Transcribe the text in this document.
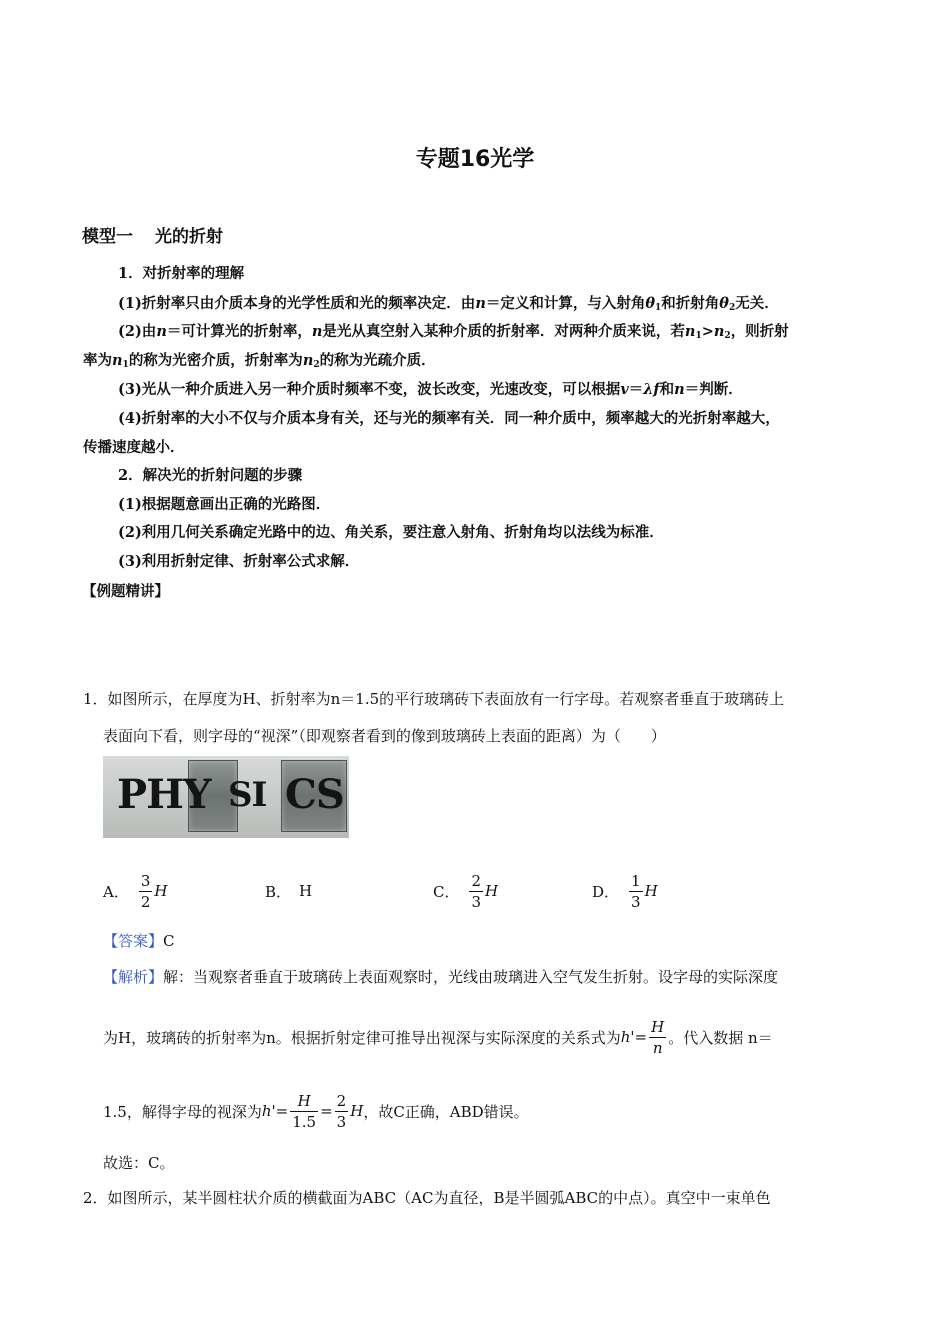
专题16光学
模型一 光的折射
1．对折射率的理解
(1)折射率只由介质本身的光学性质和光的频率决定．由n＝定义和计算，与入射角$\theta_1$和折射角$\theta_2$无关．
(2)由n＝可计算光的折射率，n是光从真空射入某种介质的折射率．对两种介质来说，若$n_1>n_2$，则折射
率为$n_1$的称为光密介质，折射率为$n_2$的称为光疏介质．
(3)光从一种介质进入另一种介质时频率不变，波长改变，光速改变，可以根据v＝λf和n＝判断．
(4)折射率的大小不仅与介质本身有关，还与光的频率有关．同一种介质中，频率越大的光折射率越大，
传播速度越小．
2．解决光的折射问题的步骤
(1)根据题意画出正确的光路图．
(2)利用几何关系确定光路中的边、角关系，要注意入射角、折射角均以法线为标准．
(3)利用折射定律、折射率公式求解．
【例题精讲】
1．如图所示，在厚度为H、折射率为n＝1.5的平行玻璃砖下表面放有一行字母。若观察者垂直于玻璃砖上
表面向下看，则字母的“视深”（即观察者看到的像到玻璃砖上表面的距离）为（　　）
PHY SI CS
A． $\frac{3}{2}$ H	B． H	C． $\frac{2}{3}$ H	D． $\frac{1}{3}$ H
【答案】C
【解析】解：当观察者垂直于玻璃砖上表面观察时，光线由玻璃进入空气发生折射。设字母的实际深度
为H，玻璃砖的折射率为n。根据折射定律可推导出视深与实际深度的关系式为 $h' = \frac{H}{n}$ 。代入数据 n＝
1.5，解得字母的视深为 $h' = \frac{H}{1.5} = \frac{2}{3}$ H ，故C正确，ABD错误。
故选：C。
2．如图所示，某半圆柱状介质的横截面为ABC（AC为直径，B是半圆弧ABC的中点）。真空中一束单色
